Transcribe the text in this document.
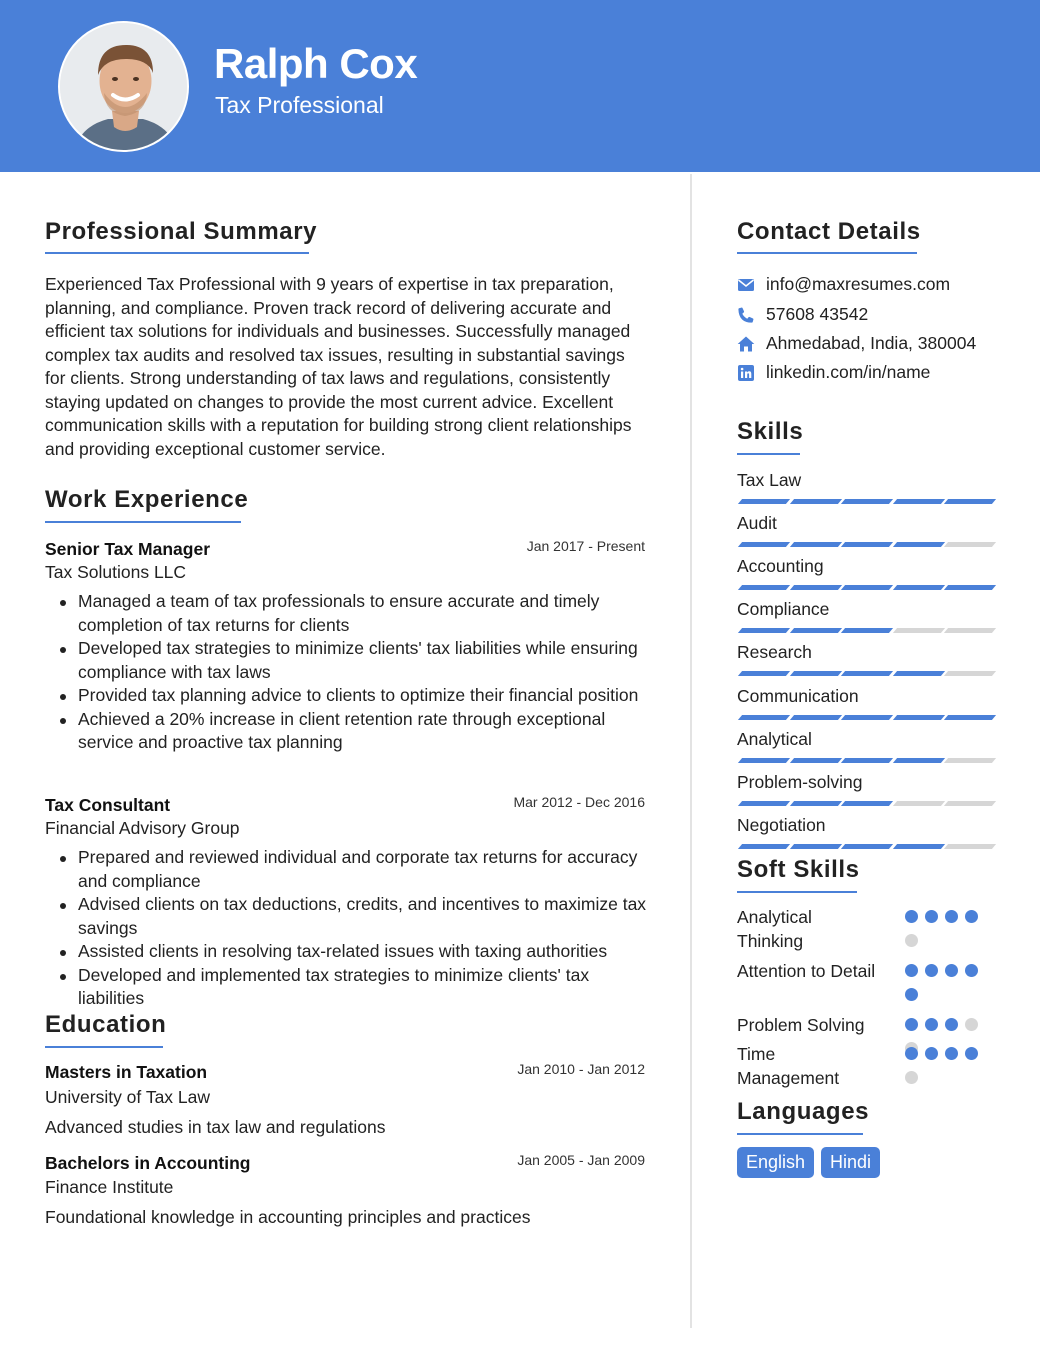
Ralph Cox
Tax Professional
Professional Summary
Experienced Tax Professional with 9 years of expertise in tax preparation, planning, and compliance. Proven track record of delivering accurate and efficient tax solutions for individuals and businesses. Successfully managed complex tax audits and resolved tax issues, resulting in substantial savings for clients. Strong understanding of tax laws and regulations, consistently staying updated on changes to provide the most current advice. Excellent communication skills with a reputation for building strong client relationships and providing exceptional customer service.
Work Experience
Senior Tax Manager	Jan 2017 - Present
Tax Solutions LLC
Managed a team of tax professionals to ensure accurate and timely completion of tax returns for clients
Developed tax strategies to minimize clients' tax liabilities while ensuring compliance with tax laws
Provided tax planning advice to clients to optimize their financial position
Achieved a 20% increase in client retention rate through exceptional service and proactive tax planning
Tax Consultant	Mar 2012 - Dec 2016
Financial Advisory Group
Prepared and reviewed individual and corporate tax returns for accuracy and compliance
Advised clients on tax deductions, credits, and incentives to maximize tax savings
Assisted clients in resolving tax-related issues with taxing authorities
Developed and implemented tax strategies to minimize clients' tax liabilities
Education
Masters in Taxation	Jan 2010 - Jan 2012
University of Tax Law
Advanced studies in tax law and regulations
Bachelors in Accounting	Jan 2005 - Jan 2009
Finance Institute
Foundational knowledge in accounting principles and practices
Contact Details
info@maxresumes.com
57608 43542
Ahmedabad, India, 380004
linkedin.com/in/name
Skills
Tax Law
Audit
Accounting
Compliance
Research
Communication
Analytical
Problem-solving
Negotiation
Soft Skills
Analytical Thinking
Attention to Detail
Problem Solving
Time Management
Languages
English	Hindi
